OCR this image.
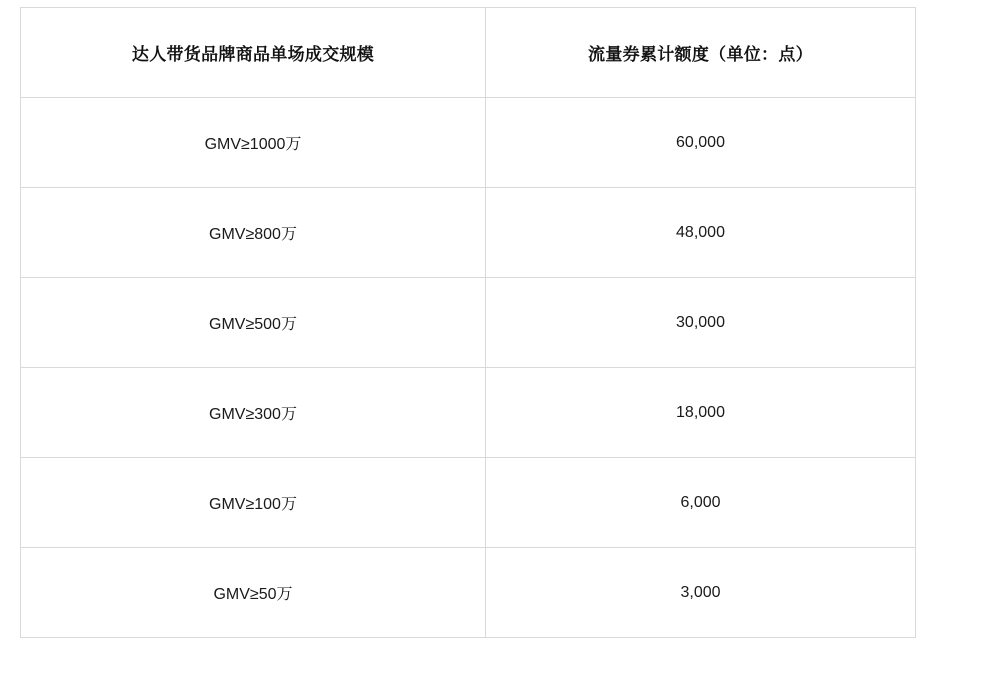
达人带货品牌商品单场成交规模	流量券累计额度（单位：点）
GMV≥1000万	60,000
GMV≥800万	48,000
GMV≥500万	30,000
GMV≥300万	18,000
GMV≥100万	6,000
GMV≥50万	3,000
